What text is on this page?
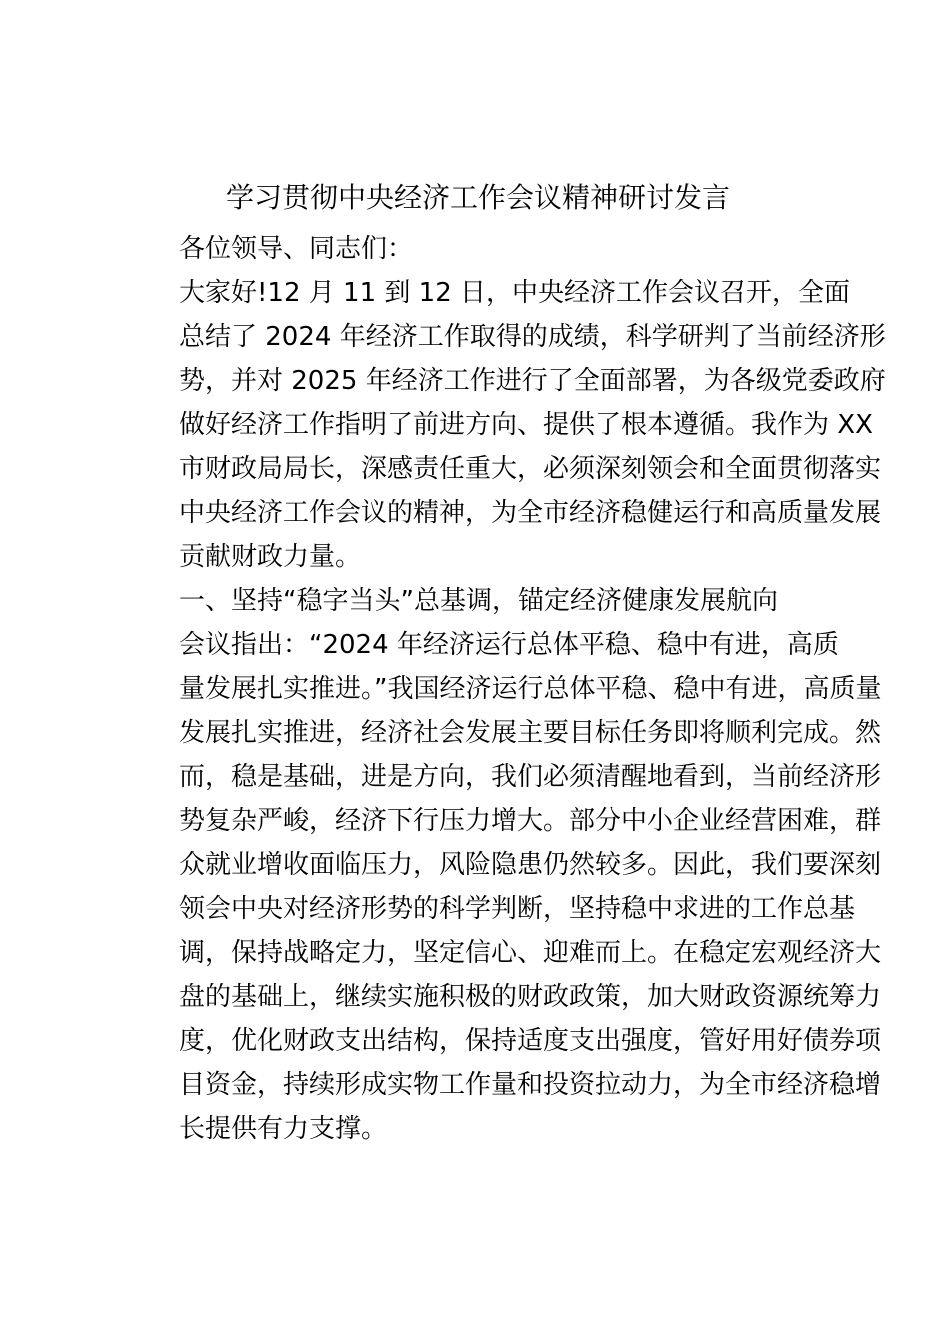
学习贯彻中央经济工作会议精神研讨发言

各位领导、同志们：

大家好!12 月 11 到 12 日，中央经济工作会议召开，全面
总结了 2024 年经济工作取得的成绩，科学研判了当前经济形
势，并对 2025 年经济工作进行了全面部署，为各级党委政府
做好经济工作指明了前进方向、提供了根本遵循。我作为 XX
市财政局局长，深感责任重大，必须深刻领会和全面贯彻落实
中央经济工作会议的精神，为全市经济稳健运行和高质量发展
贡献财政力量。

一、坚持“稳字当头”总基调，锚定经济健康发展航向

会议指出：“2024 年经济运行总体平稳、稳中有进，高质
量发展扎实推进。”我国经济运行总体平稳、稳中有进，高质量
发展扎实推进，经济社会发展主要目标任务即将顺利完成。然
而，稳是基础，进是方向，我们必须清醒地看到，当前经济形
势复杂严峻，经济下行压力增大。部分中小企业经营困难，群
众就业增收面临压力，风险隐患仍然较多。因此，我们要深刻
领会中央对经济形势的科学判断，坚持稳中求进的工作总基
调，保持战略定力，坚定信心、迎难而上。在稳定宏观经济大
盘的基础上，继续实施积极的财政政策，加大财政资源统筹力
度，优化财政支出结构，保持适度支出强度，管好用好债券项
目资金，持续形成实物工作量和投资拉动力，为全市经济稳增
长提供有力支撑。
